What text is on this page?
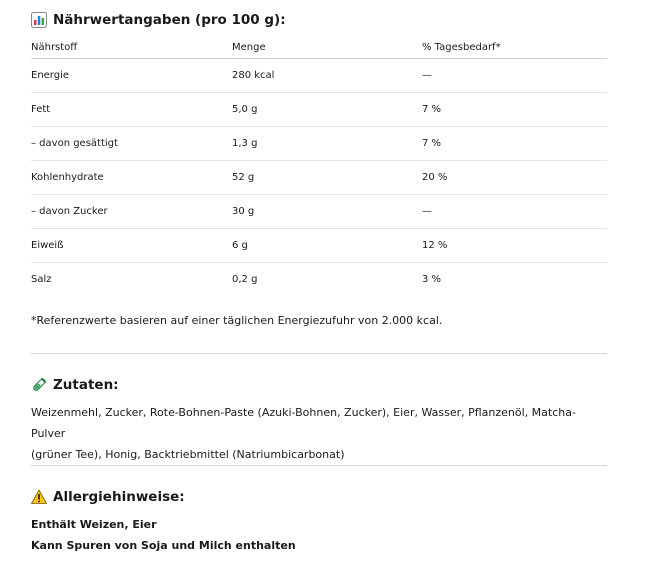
Nährwertangaben (pro 100 g):
Nährstoff	Menge	% Tagesbedarf*
Energie	280 kcal	—
Fett	5,0 g	7 %
– davon gesättigt	1,3 g	7 %
Kohlenhydrate	52 g	20 %
– davon Zucker	30 g	—
Eiweiß	6 g	12 %
Salz	0,2 g	3 %
*Referenzwerte basieren auf einer täglichen Energiezufuhr von 2.000 kcal.
Zutaten:
Weizenmehl, Zucker, Rote-Bohnen-Paste (Azuki-Bohnen, Zucker), Eier, Wasser, Pflanzenöl, Matcha-Pulver
(grüner Tee), Honig, Backtriebmittel (Natriumbicarbonat)
Allergiehinweise:
Enthält Weizen, Eier
Kann Spuren von Soja und Milch enthalten
